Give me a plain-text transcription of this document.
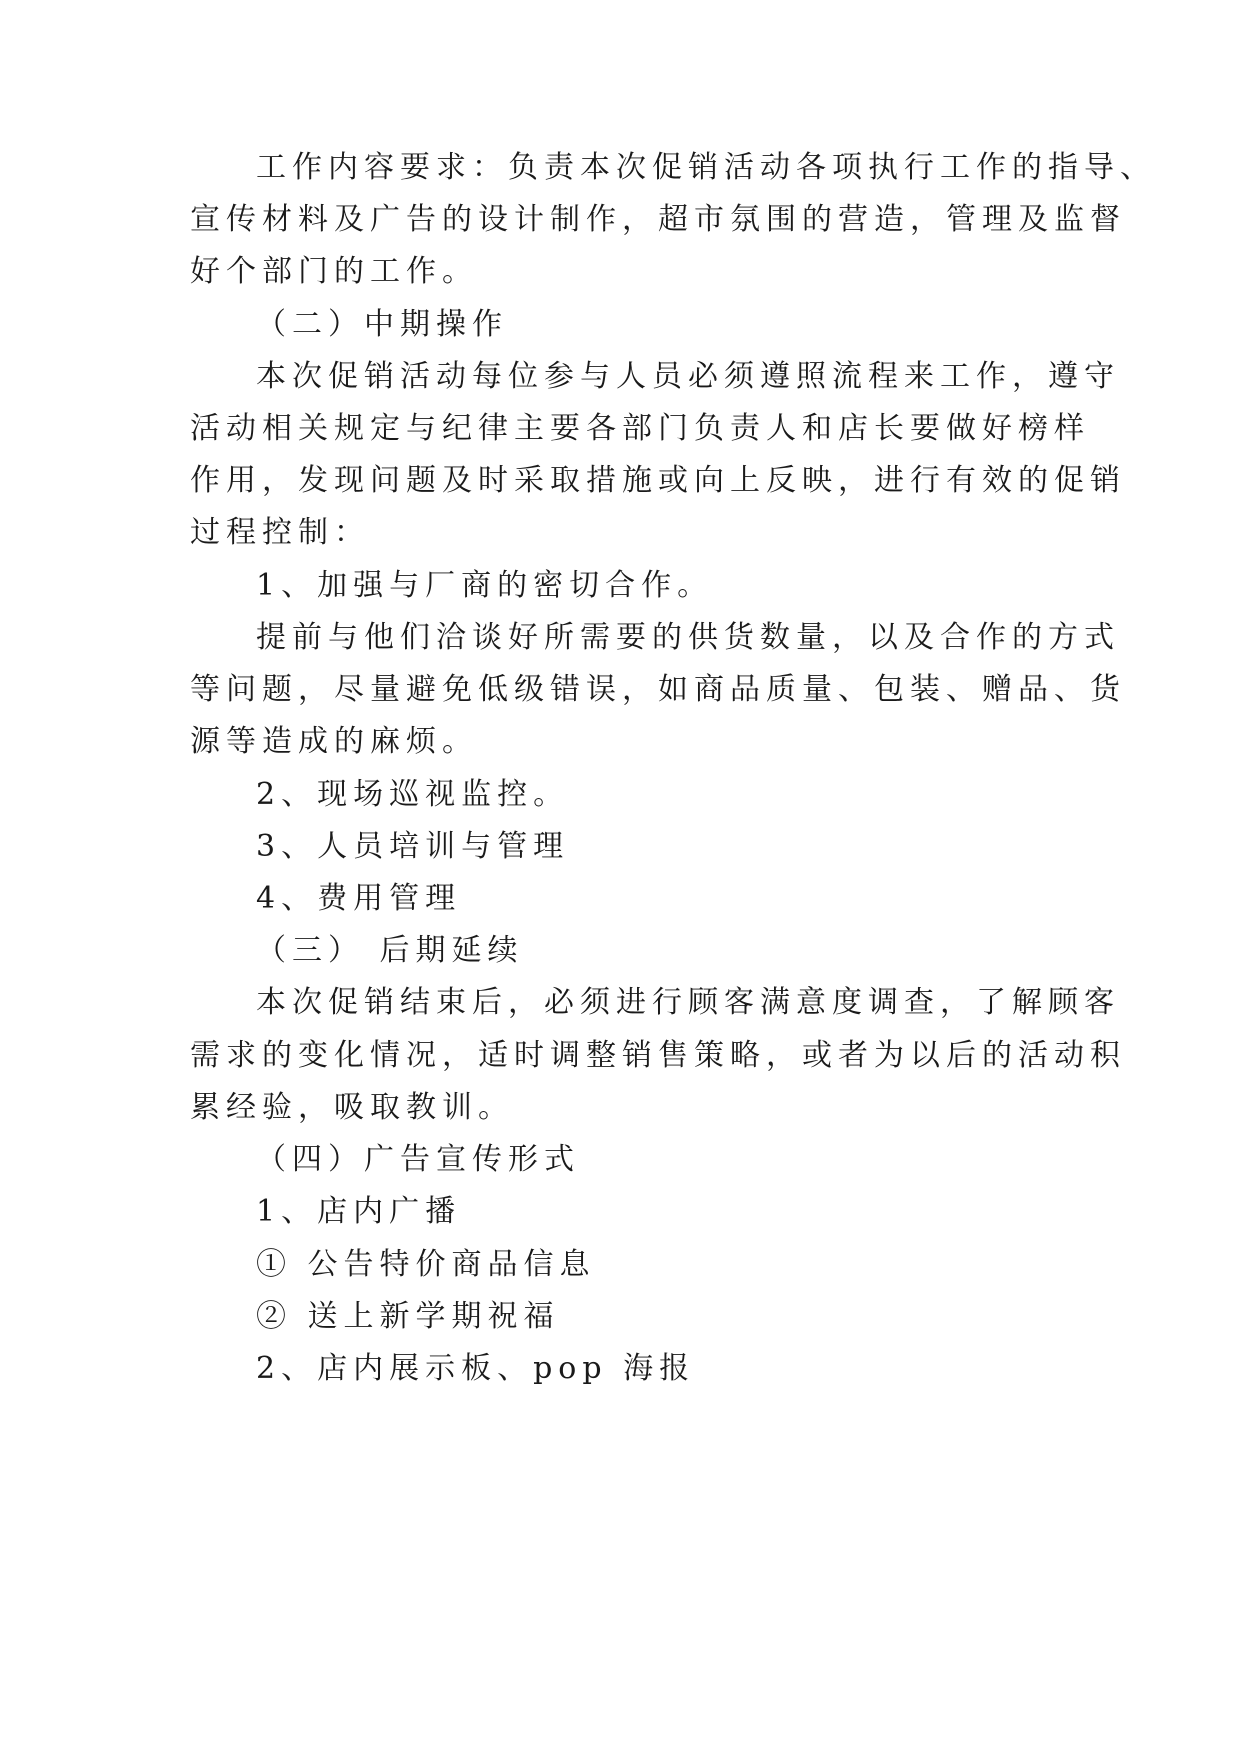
工作内容要求：负责本次促销活动各项执行工作的指导、
宣传材料及广告的设计制作，超市氛围的营造，管理及监督
好个部门的工作。
（二）中期操作
本次促销活动每位参与人员必须遵照流程来工作，遵守
活动相关规定与纪律主要各部门负责人和店长要做好榜样
作用，发现问题及时采取措施或向上反映，进行有效的促销
过程控制：
1、加强与厂商的密切合作。
提前与他们洽谈好所需要的供货数量，以及合作的方式
等问题，尽量避免低级错误，如商品质量、包装、赠品、货
源等造成的麻烦。
2、现场巡视监控。
3、人员培训与管理
4、费用管理
（三） 后期延续
本次促销结束后，必须进行顾客满意度调查，了解顾客
需求的变化情况，适时调整销售策略，或者为以后的活动积
累经验，吸取教训。
（四）广告宣传形式
1、店内广播
① 公告特价商品信息
② 送上新学期祝福
2、店内展示板、pop 海报
